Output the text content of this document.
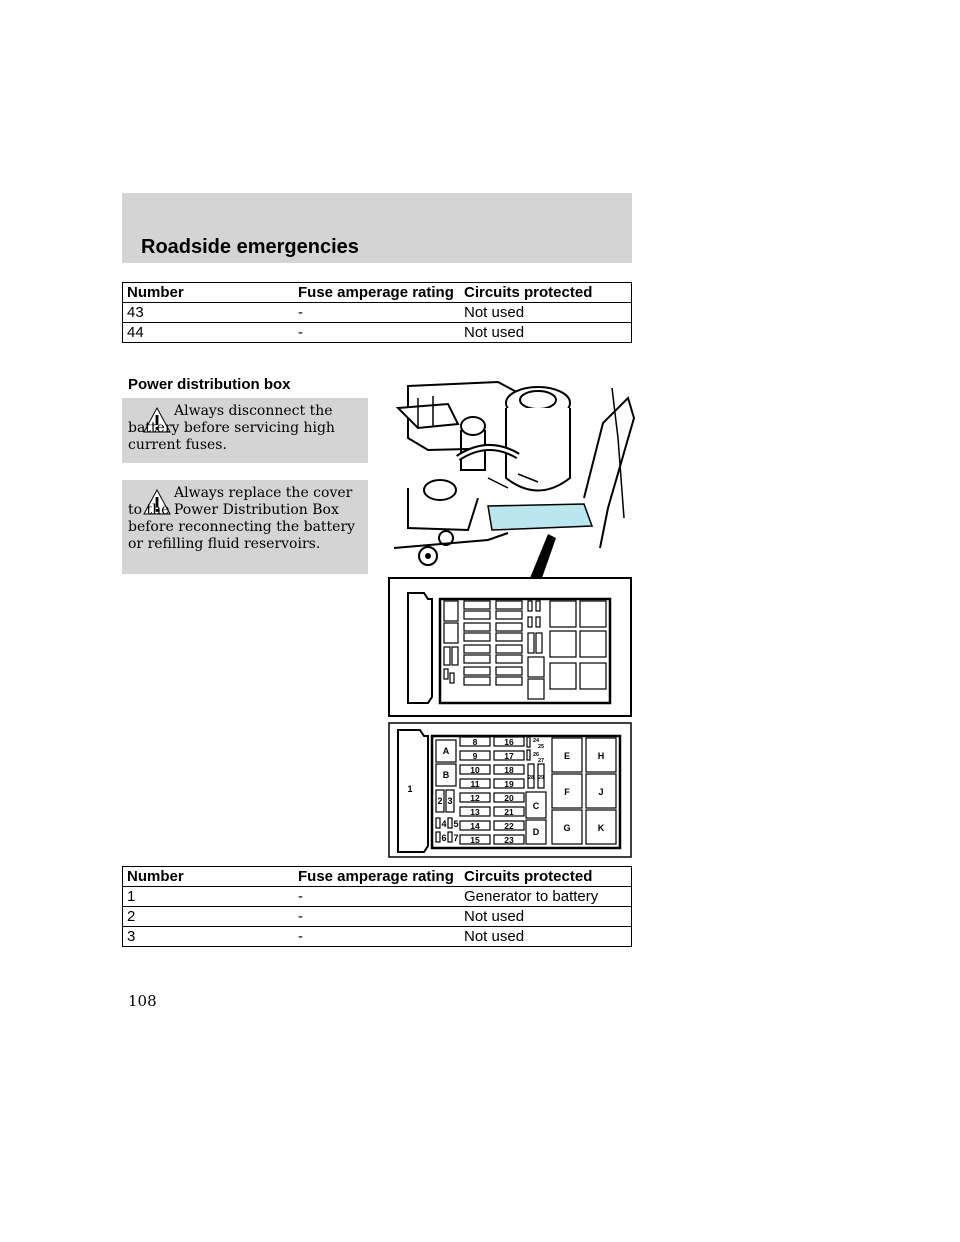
Roadside emergencies
Number	Fuse amperage rating	Circuits protected
43	-	Not used
44	-	Not used
Power distribution box
Always disconnect the battery before servicing high current fuses.
Always replace the cover to the Power Distribution Box before reconnecting the battery or refilling fluid reservoirs.
1
A
B
2 3
4 5
6 7
8
9
10
11
12
13
14
15
16
17
18
19
20
21
22
23
24
25
26
27
28 29
C
D
E	H
F	J
G	K
Number	Fuse amperage rating	Circuits protected
1	-	Generator to battery
2	-	Not used
3	-	Not used
108
